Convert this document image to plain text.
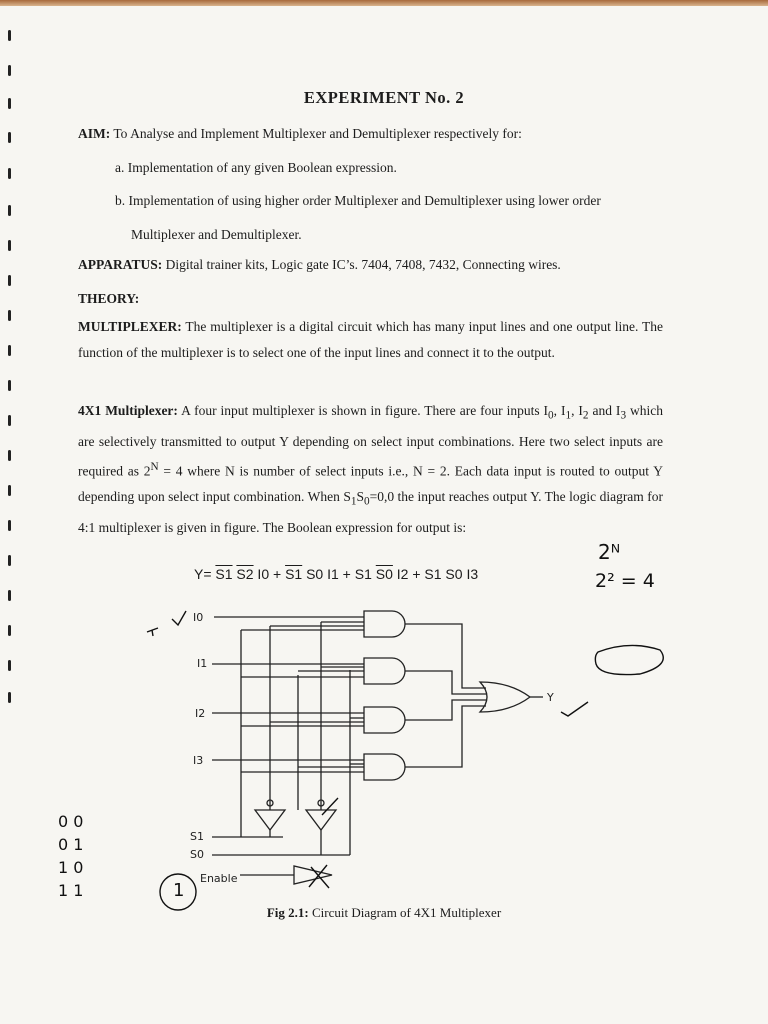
EXPERIMENT No. 2
AIM: To Analyse and Implement Multiplexer and Demultiplexer respectively for:
a. Implementation of any given Boolean expression.
b. Implementation of using higher order Multiplexer and Demultiplexer using lower order
Multiplexer and Demultiplexer.
APPARATUS: Digital trainer kits, Logic gate IC’s. 7404, 7408, 7432, Connecting wires.
THEORY:
MULTIPLEXER: The multiplexer is a digital circuit which has many input lines and one output line. The function of the multiplexer is to select one of the input lines and connect it to the output.
4X1 Multiplexer: A four input multiplexer is shown in figure. There are four inputs $I_0$, $I_1$, $I_2$ and $I_3$ which are selectively transmitted to output Y depending on select input combinations. Here two select inputs are required as $2^N = 4$ where N is number of select inputs i.e., N = 2. Each data input is routed to output Y depending upon select input combination. When $S_1S_0=0,0$ the input reaches output Y. The logic diagram for 4:1 multiplexer is given in figure. The Boolean expression for output is:
Y= S1 S2 I0 + S1 S0 I1 + S1 S0 I2 + S1 S0 I3
I0
I1
I2
I3
S1
S0
Enable
Y
Fig 2.1: Circuit Diagram of 4X1 Multiplexer
2ᴺ
2² = 4
0 0
0 1
1 0
1 1	1
